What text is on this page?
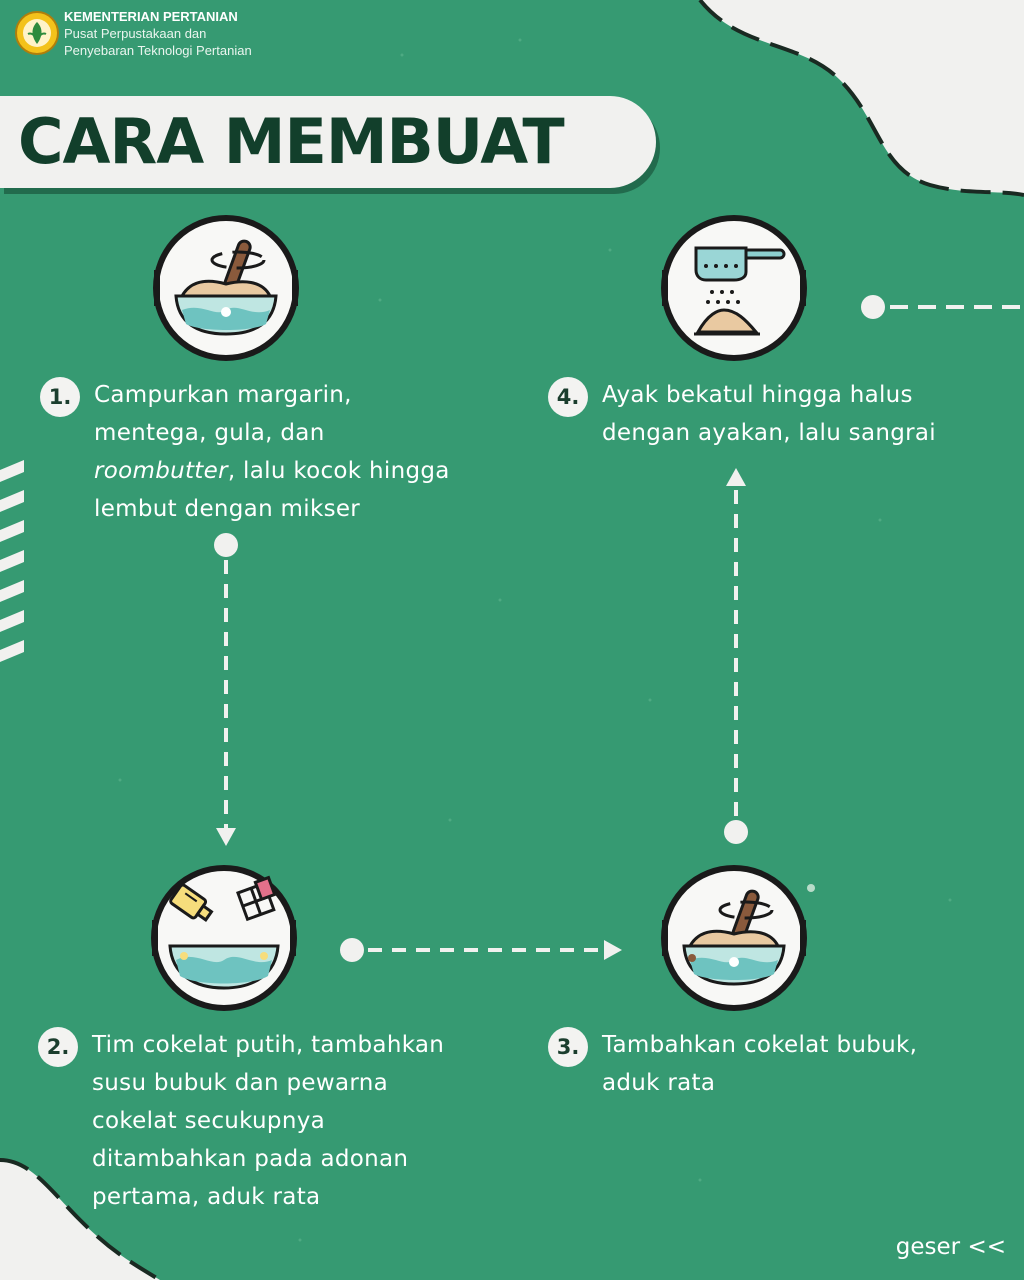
KEMENTERIAN PERTANIAN
Pusat Perpustakaan dan
Penyebaran Teknologi Pertanian
CARA MEMBUAT
1. Campurkan margarin,
mentega, gula, dan
roombutter, lalu kocok hingga
lembut dengan mikser
4. Ayak bekatul hingga halus
dengan ayakan, lalu sangrai
2. Tim cokelat putih, tambahkan
susu bubuk dan pewarna
cokelat secukupnya
ditambahkan pada adonan
pertama, aduk rata
3. Tambahkan cokelat bubuk,
aduk rata
geser <<
